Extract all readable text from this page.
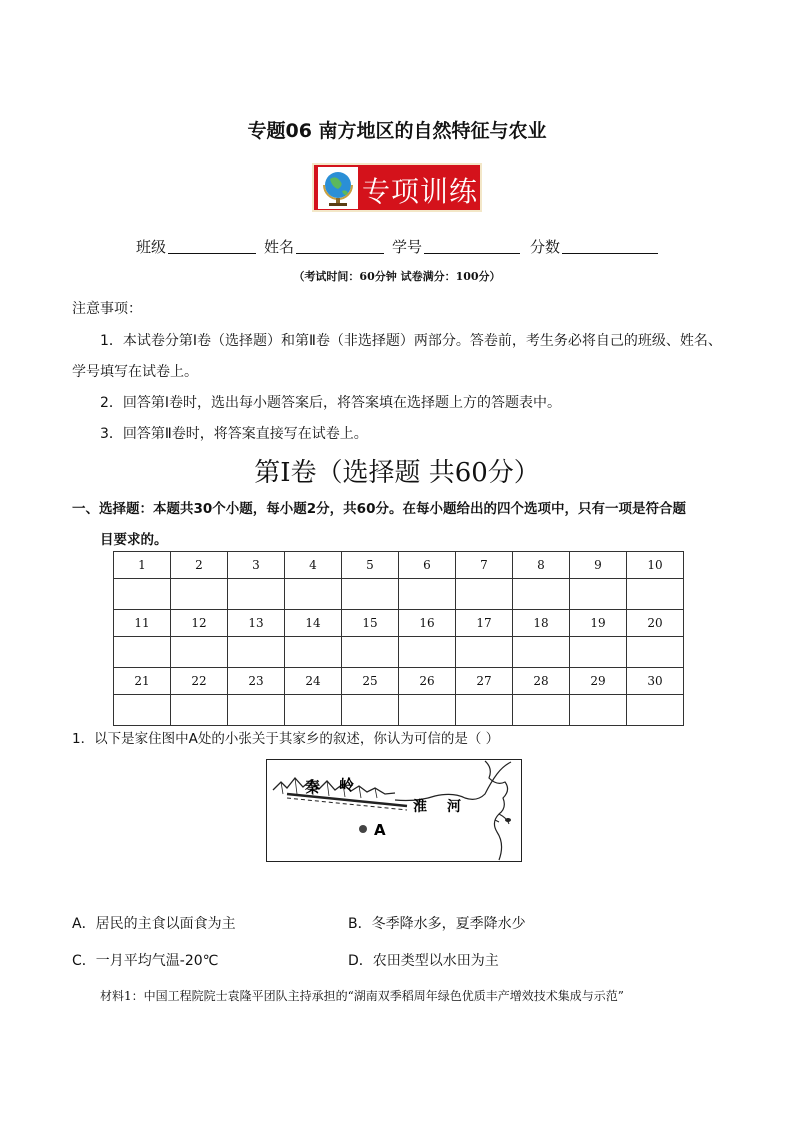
专题06 南方地区的自然特征与农业
专项训练
班级	姓名	学号	分数
（考试时间：60分钟 试卷满分：100分）
注意事项：
1．本试卷分第Ⅰ卷（选择题）和第Ⅱ卷（非选择题）两部分。答卷前，考生务必将自己的班级、姓名、
学号填写在试卷上。
2．回答第Ⅰ卷时，选出每小题答案后，将答案填在选择题上方的答题表中。
3．回答第Ⅱ卷时，将答案直接写在试卷上。
第Ⅰ卷（选择题 共60分）
一、选择题：本题共30个小题，每小题2分，共60分。在每小题给出的四个选项中，只有一项是符合题
目要求的。
1	2	3	4	5	6	7	8	9	10

11	12	13	14	15	16	17	18	19	20

21	22	23	24	25	26	27	28	29	30

1．以下是家住图中A处的小张关于其家乡的叙述，你认为可信的是（ ）
秦 岭
淮 河
A
A．居民的主食以面食为主	B．冬季降水多，夏季降水少
C．一月平均气温-20℃	D．农田类型以水田为主
材料1：中国工程院院士袁隆平团队主持承担的“湖南双季稻周年绿色优质丰产增效技术集成与示范”
